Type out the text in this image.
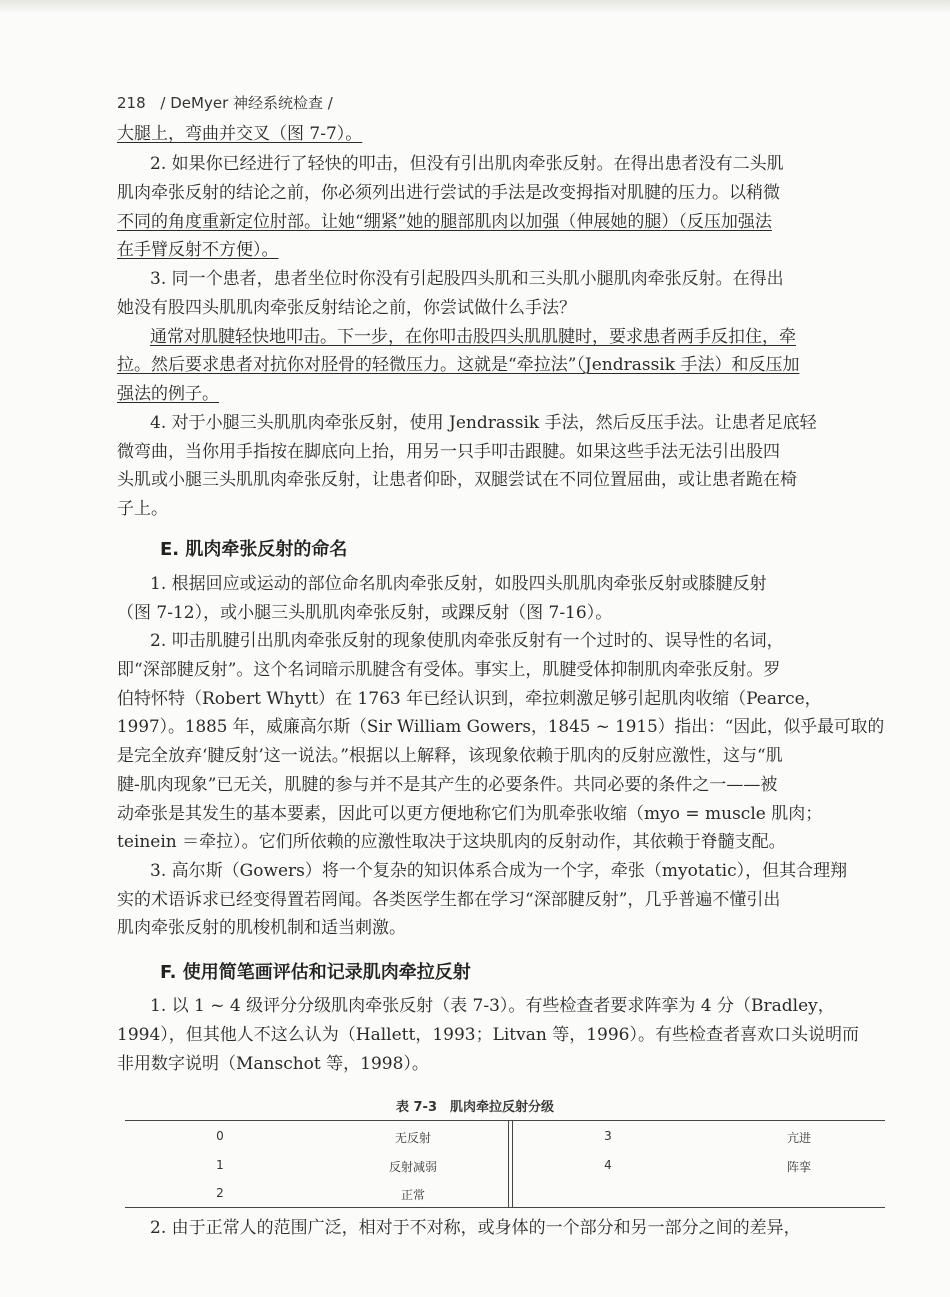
218 / DeMyer 神经系统检查 /
大腿上，弯曲并交叉（图 7-7）。
2. 如果你已经进行了轻快的叩击，但没有引出肌肉牵张反射。在得出患者没有二头肌
肌肉牵张反射的结论之前，你必须列出进行尝试的手法是改变拇指对肌腱的压力。以稍微
不同的角度重新定位肘部。让她“绷紧”她的腿部肌肉以加强（伸展她的腿）（反压加强法
在手臂反射不方便）。
3. 同一个患者，患者坐位时你没有引起股四头肌和三头肌小腿肌肉牵张反射。在得出
她没有股四头肌肌肉牵张反射结论之前，你尝试做什么手法？
通常对肌腱轻快地叩击。下一步，在你叩击股四头肌肌腱时，要求患者两手反扣住，牵
拉。然后要求患者对抗你对胫骨的轻微压力。这就是“牵拉法”（Jendrassik 手法）和反压加
强法的例子。
4. 对于小腿三头肌肌肉牵张反射，使用 Jendrassik 手法，然后反压手法。让患者足底轻
微弯曲，当你用手指按在脚底向上抬，用另一只手叩击跟腱。如果这些手法无法引出股四
头肌或小腿三头肌肌肉牵张反射，让患者仰卧，双腿尝试在不同位置屈曲，或让患者跪在椅
子上。
E. 肌肉牵张反射的命名
1. 根据回应或运动的部位命名肌肉牵张反射，如股四头肌肌肉牵张反射或膝腱反射
（图 7-12），或小腿三头肌肌肉牵张反射，或踝反射（图 7-16）。
2. 叩击肌腱引出肌肉牵张反射的现象使肌肉牵张反射有一个过时的、误导性的名词，
即“深部腱反射”。这个名词暗示肌腱含有受体。事实上，肌腱受体抑制肌肉牵张反射。罗
伯特怀特（Robert Whytt）在 1763 年已经认识到，牵拉刺激足够引起肌肉收缩（Pearce，
1997）。1885 年，威廉高尔斯（Sir William Gowers，1845 ~ 1915）指出：“因此，似乎最可取的
是完全放弃‘腱反射’这一说法。”根据以上解释，该现象依赖于肌肉的反射应激性，这与“肌
腱-肌肉现象”已无关，肌腱的参与并不是其产生的必要条件。共同必要的条件之一——被
动牵张是其发生的基本要素，因此可以更方便地称它们为肌牵张收缩（myo = muscle 肌肉；
teinein ＝牵拉）。它们所依赖的应激性取决于这块肌肉的反射动作，其依赖于脊髓支配。
3. 高尔斯（Gowers）将一个复杂的知识体系合成为一个字，牵张（myotatic），但其合理翔
实的术语诉求已经变得置若罔闻。各类医学生都在学习“深部腱反射”，几乎普遍不懂引出
肌肉牵张反射的肌梭机制和适当刺激。
F. 使用简笔画评估和记录肌肉牵拉反射
1. 以 1 ~ 4 级评分分级肌肉牵张反射（表 7-3）。有些检查者要求阵挛为 4 分（Bradley，
1994），但其他人不这么认为（Hallett，1993；Litvan 等，1996）。有些检查者喜欢口头说明而
非用数字说明（Manschot 等，1998）。
表 7-3　肌肉牵拉反射分级
0	无反射
1	反射减弱
2	正常
3	亢进
4	阵挛
2. 由于正常人的范围广泛，相对于不对称，或身体的一个部分和另一部分之间的差异，
